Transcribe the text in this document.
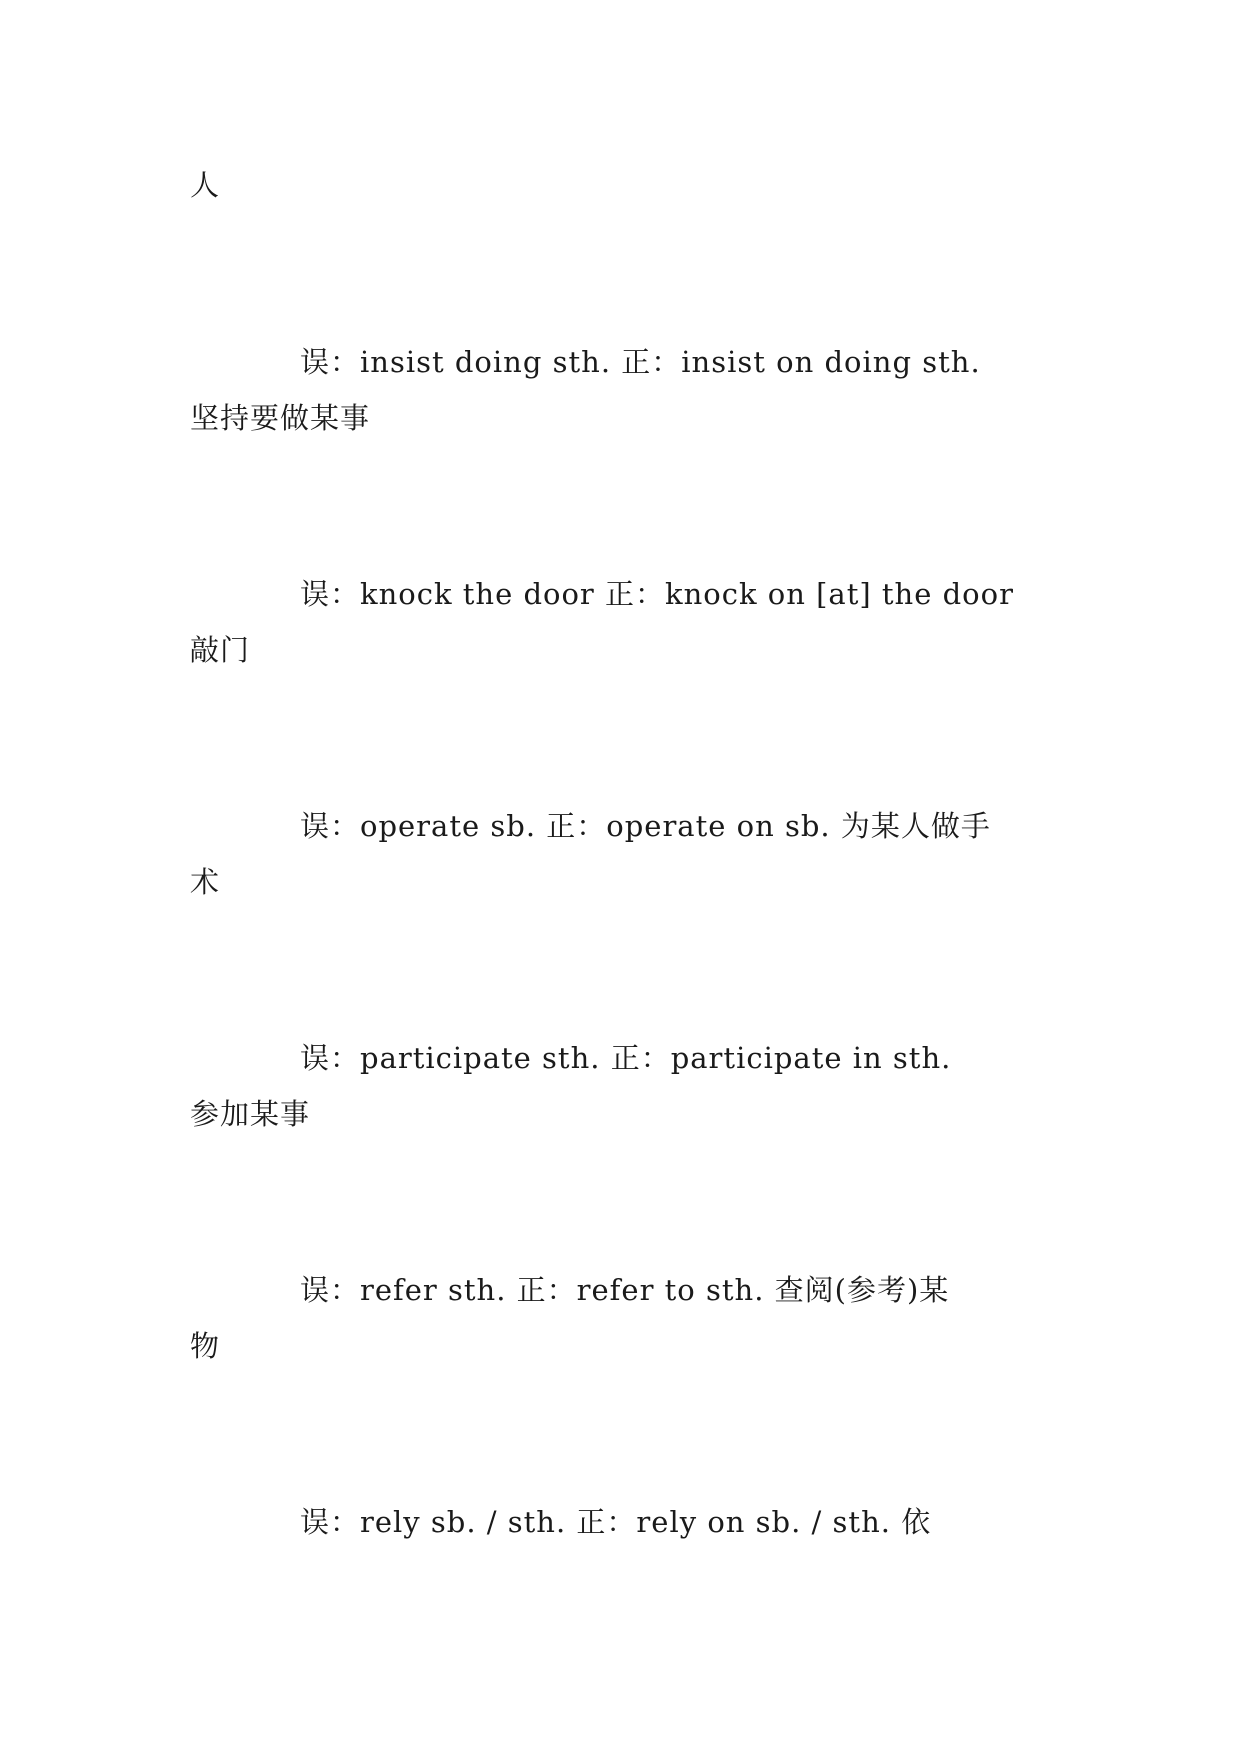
人
误：insist doing sth. 正：insist on doing sth.
坚持要做某事
误：knock the door 正：knock on [at] the door
敲门
误：operate sb. 正：operate on sb. 为某人做手
术
误：participate sth. 正：participate in sth.
参加某事
误：refer sth. 正：refer to sth. 查阅(参考)某
物
误：rely sb. / sth. 正：rely on sb. / sth. 依
